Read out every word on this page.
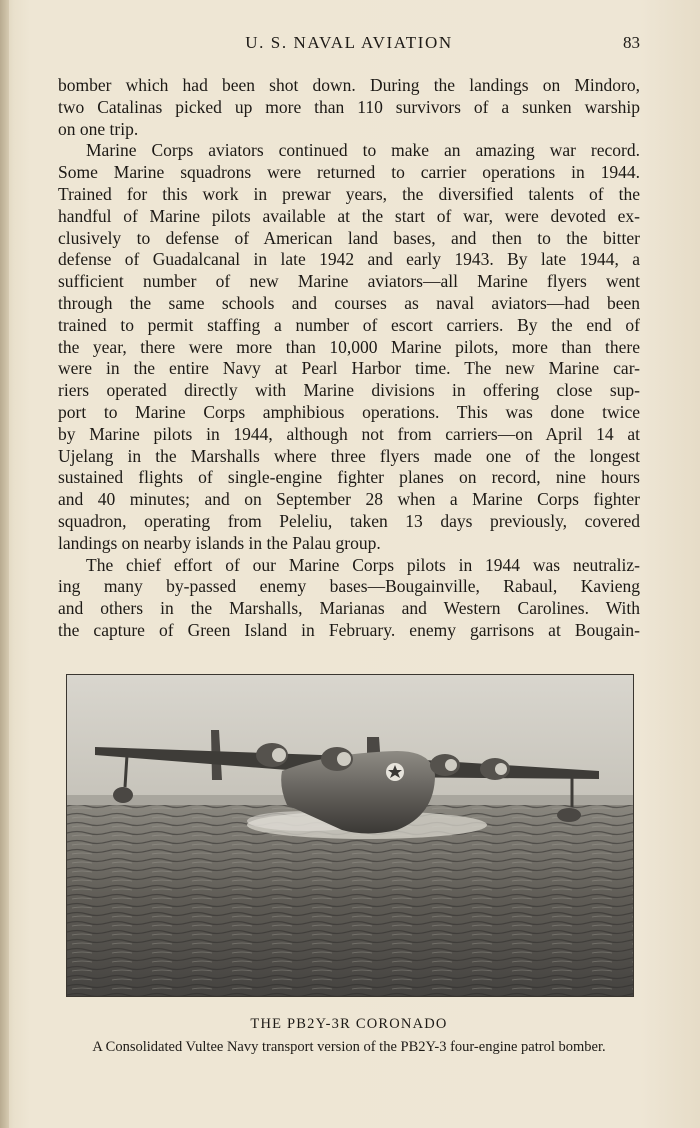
U. S. NAVAL AVIATION	83
bomber which had been shot down. During the landings on Mindoro,
two Catalinas picked up more than 110 survivors of a sunken warship
on one trip.
Marine Corps aviators continued to make an amazing war record.
Some Marine squadrons were returned to carrier operations in 1944.
Trained for this work in prewar years, the diversified talents of the
handful of Marine pilots available at the start of war, were devoted ex-
clusively to defense of American land bases, and then to the bitter
defense of Guadalcanal in late 1942 and early 1943. By late 1944, a
sufficient number of new Marine aviators—all Marine flyers went
through the same schools and courses as naval aviators—had been
trained to permit staffing a number of escort carriers. By the end of
the year, there were more than 10,000 Marine pilots, more than there
were in the entire Navy at Pearl Harbor time. The new Marine car-
riers operated directly with Marine divisions in offering close sup-
port to Marine Corps amphibious operations. This was done twice
by Marine pilots in 1944, although not from carriers—on April 14 at
Ujelang in the Marshalls where three flyers made one of the longest
sustained flights of single-engine fighter planes on record, nine hours
and 40 minutes; and on September 28 when a Marine Corps fighter
squadron, operating from Peleliu, taken 13 days previously, covered
landings on nearby islands in the Palau group.
The chief effort of our Marine Corps pilots in 1944 was neutraliz-
ing many by-passed enemy bases—Bougainville, Rabaul, Kavieng
and others in the Marshalls, Marianas and Western Carolines. With
the capture of Green Island in February. enemy garrisons at Bougain-
THE PB2Y-3R CORONADO
A Consolidated Vultee Navy transport version of the PB2Y-3 four-engine patrol bomber.
